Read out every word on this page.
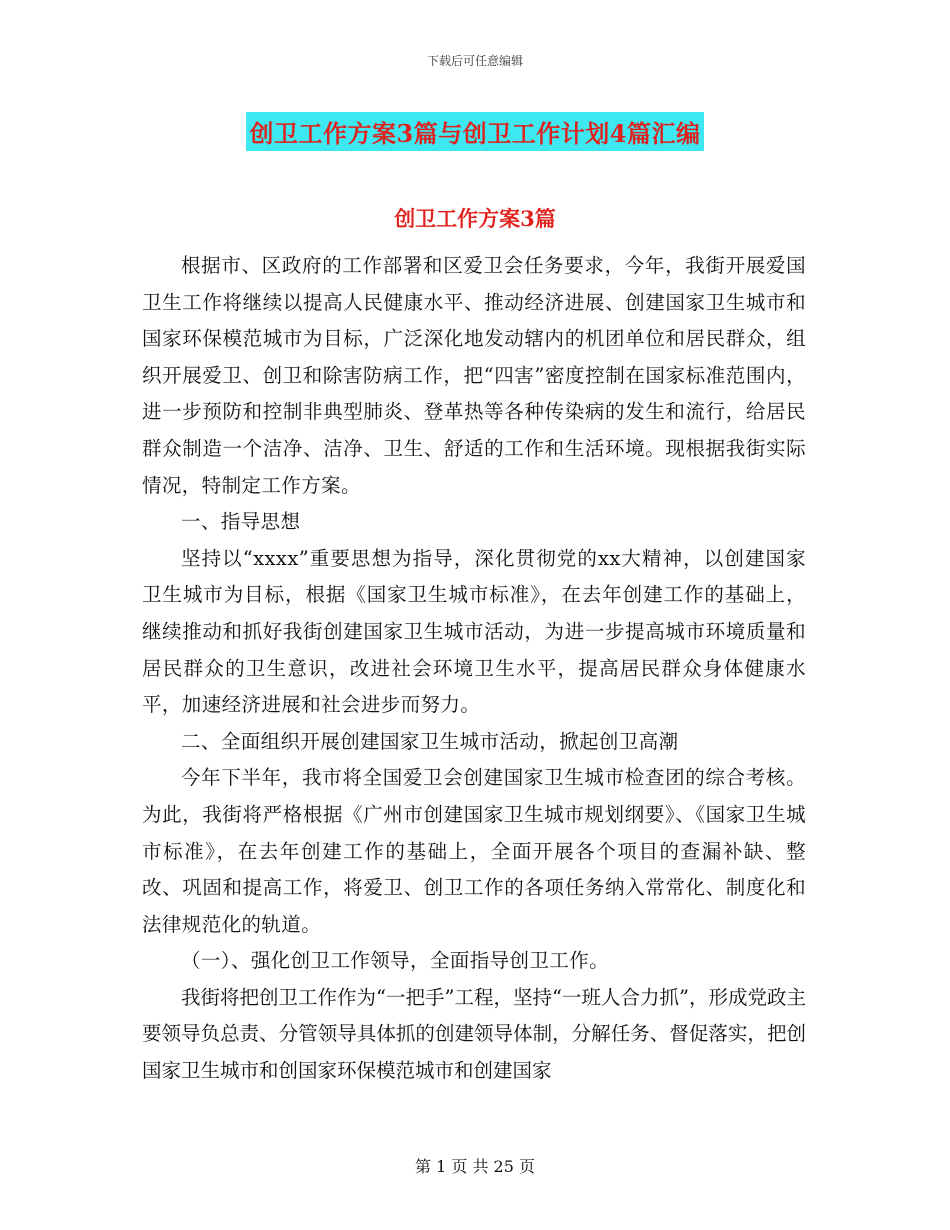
下载后可任意编辑
创卫工作方案3篇与创卫工作计划4篇汇编
创卫工作方案3篇

根据市、区政府的工作部署和区爱卫会任务要求，今年，我街开展爱国卫生工作将继续以提高人民健康水平、推动经济进展、创建国家卫生城市和国家环保模范城市为目标，广泛深化地发动辖内的机团单位和居民群众，组织开展爱卫、创卫和除害防病工作，把“四害”密度控制在国家标准范围内，进一步预防和控制非典型肺炎、登革热等各种传染病的发生和流行，给居民群众制造一个洁净、洁净、卫生、舒适的工作和生活环境。现根据我街实际情况，特制定工作方案。

一、指导思想

坚持以“xxxx”重要思想为指导，深化贯彻党的xx大精神，以创建国家卫生城市为目标，根据《国家卫生城市标准》，在去年创建工作的基础上，继续推动和抓好我街创建国家卫生城市活动，为进一步提高城市环境质量和居民群众的卫生意识，改进社会环境卫生水平，提高居民群众身体健康水平，加速经济进展和社会进步而努力。

二、全面组织开展创建国家卫生城市活动，掀起创卫高潮

今年下半年，我市将全国爱卫会创建国家卫生城市检查团的综合考核。为此，我街将严格根据《广州市创建国家卫生城市规划纲要》、《国家卫生城市标准》，在去年创建工作的基础上，全面开展各个项目的查漏补缺、整改、巩固和提高工作，将爱卫、创卫工作的各项任务纳入常常化、制度化和法律规范化的轨道。

（一）、强化创卫工作领导，全面指导创卫工作。

我街将把创卫工作作为“一把手”工程，坚持“一班人合力抓”，形成党政主要领导负总责、分管领导具体抓的创建领导体制，分解任务、督促落实，把创国家卫生城市和创国家环保模范城市和创建国家

第 1 页 共 25 页
